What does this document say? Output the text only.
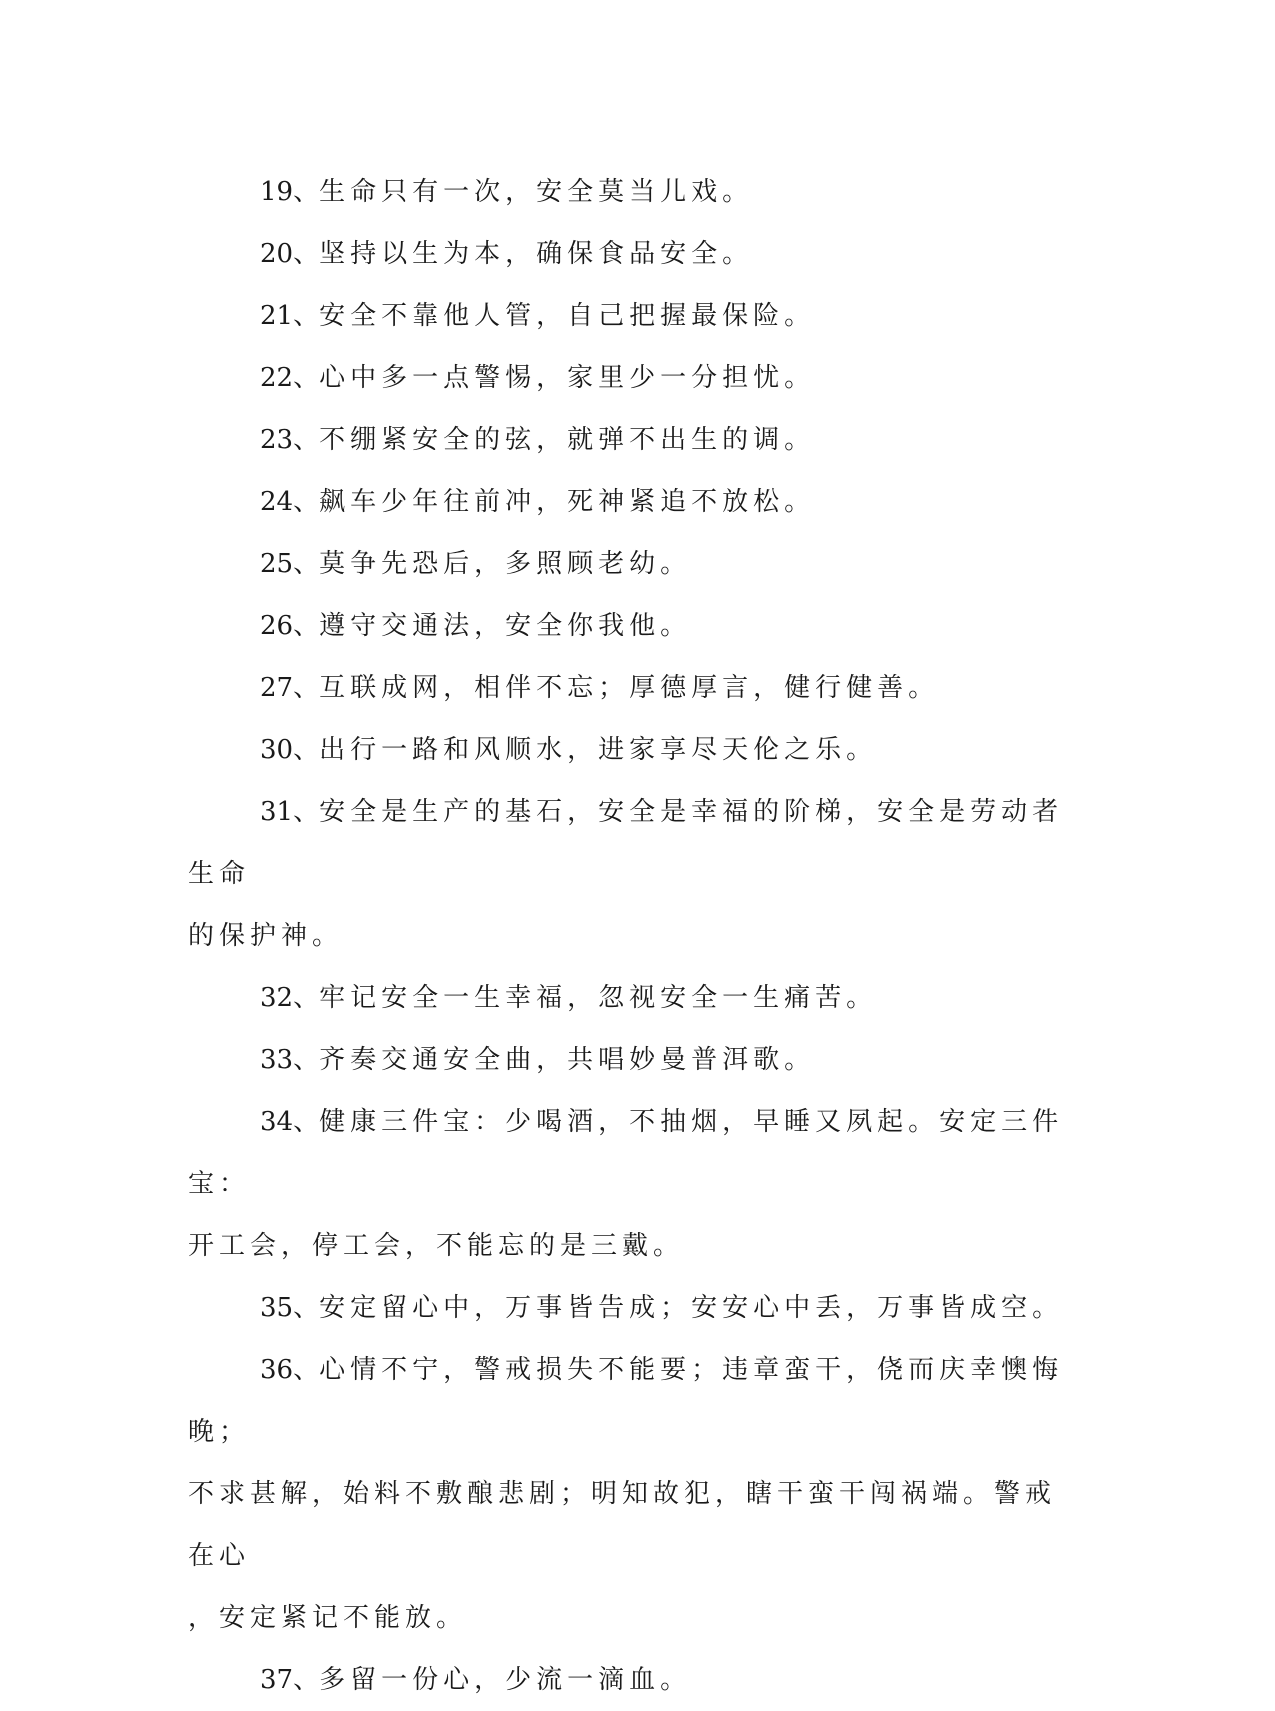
19、生命只有一次，安全莫当儿戏。

20、坚持以生为本，确保食品安全。

21、安全不靠他人管，自己把握最保险。

22、心中多一点警惕，家里少一分担忧。

23、不绷紧安全的弦，就弹不出生的调。

24、飙车少年往前冲，死神紧追不放松。

25、莫争先恐后，多照顾老幼。

26、遵守交通法，安全你我他。

27、互联成网，相伴不忘；厚德厚言，健行健善。

30、出行一路和风顺水，进家享尽天伦之乐。

31、安全是生产的基石，安全是幸福的阶梯，安全是劳动者生命
的保护神。

32、牢记安全一生幸福，忽视安全一生痛苦。

33、齐奏交通安全曲，共唱妙曼普洱歌。

34、健康三件宝：少喝酒，不抽烟，早睡又夙起。安定三件宝：
开工会，停工会，不能忘的是三戴。

35、安定留心中，万事皆告成；安安心中丢，万事皆成空。

36、心情不宁，警戒损失不能要；违章蛮干，侥而庆幸懊悔晚；
不求甚解，始料不敷酿悲剧；明知故犯，瞎干蛮干闯祸端。警戒在心
，安定紧记不能放。

37、多留一份心，少流一滴血。
